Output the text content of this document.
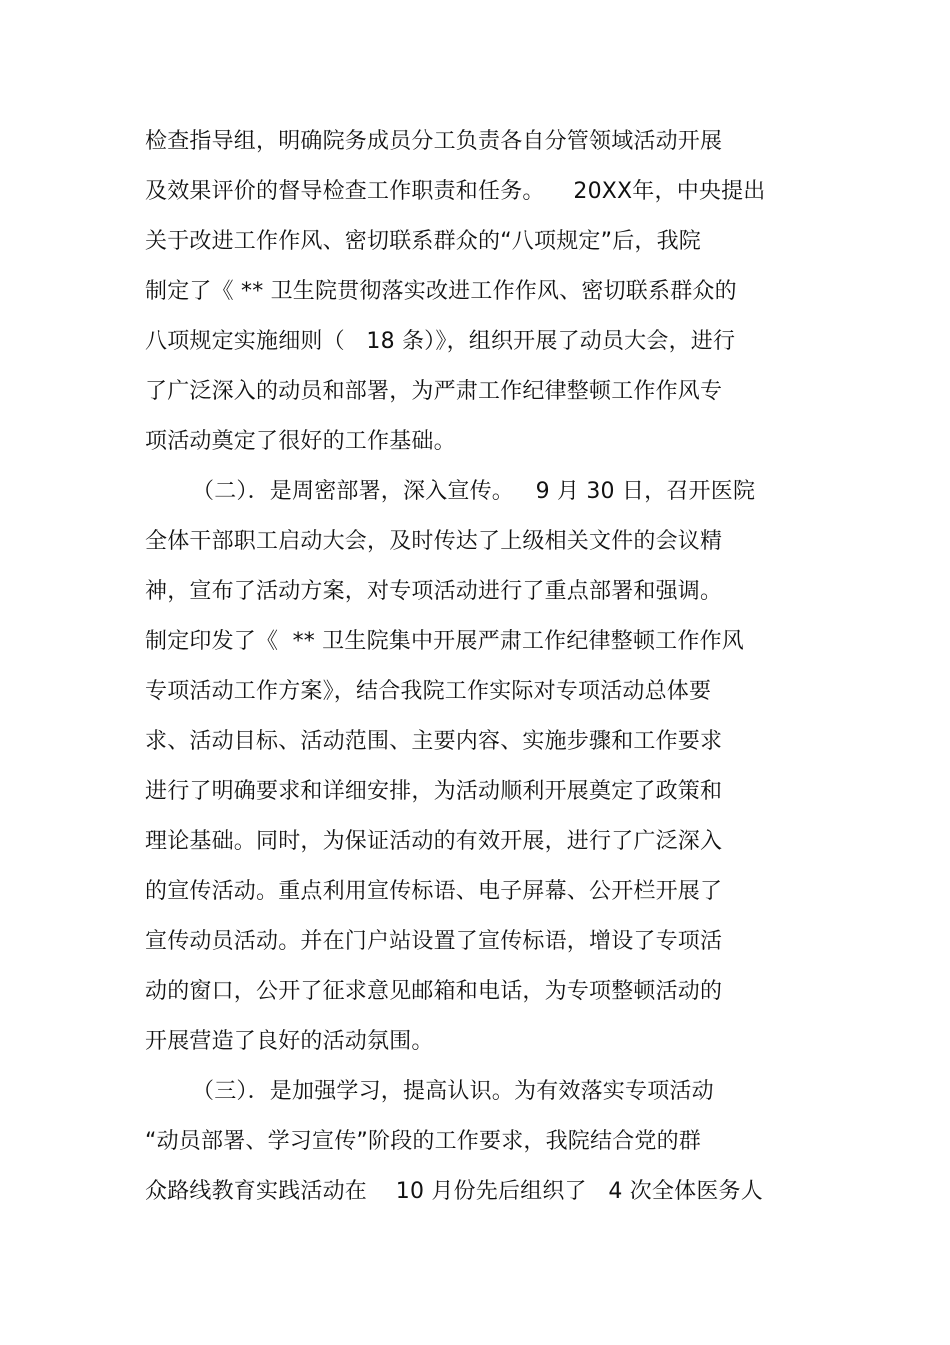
检查指导组，明确院务成员分工负责各自分管领域活动开展
及效果评价的督导检查工作职责和任务。    20XX年，中央提出
关于改进工作作风、密切联系群众的“八项规定”后，我院
制定了《 ** 卫生院贯彻落实改进工作作风、密切联系群众的
八项规定实施细则（   18 条）》，组织开展了动员大会，进行
了广泛深入的动员和部署，为严肃工作纪律整顿工作作风专
项活动奠定了很好的工作基础。
（二）．是周密部署，深入宣传。   9 月 30 日，召开医院
全体干部职工启动大会，及时传达了上级相关文件的会议精
神，宣布了活动方案，对专项活动进行了重点部署和强调。
制定印发了《  ** 卫生院集中开展严肃工作纪律整顿工作作风
专项活动工作方案》，结合我院工作实际对专项活动总体要
求、活动目标、活动范围、主要内容、实施步骤和工作要求
进行了明确要求和详细安排，为活动顺利开展奠定了政策和
理论基础。同时，为保证活动的有效开展，进行了广泛深入
的宣传活动。重点利用宣传标语、电子屏幕、公开栏开展了
宣传动员活动。并在门户站设置了宣传标语，增设了专项活
动的窗口，公开了征求意见邮箱和电话，为专项整顿活动的
开展营造了良好的活动氛围。
（三）．是加强学习，提高认识。为有效落实专项活动
“动员部署、学习宣传”阶段的工作要求，我院结合党的群
众路线教育实践活动在    10 月份先后组织了   4 次全体医务人
